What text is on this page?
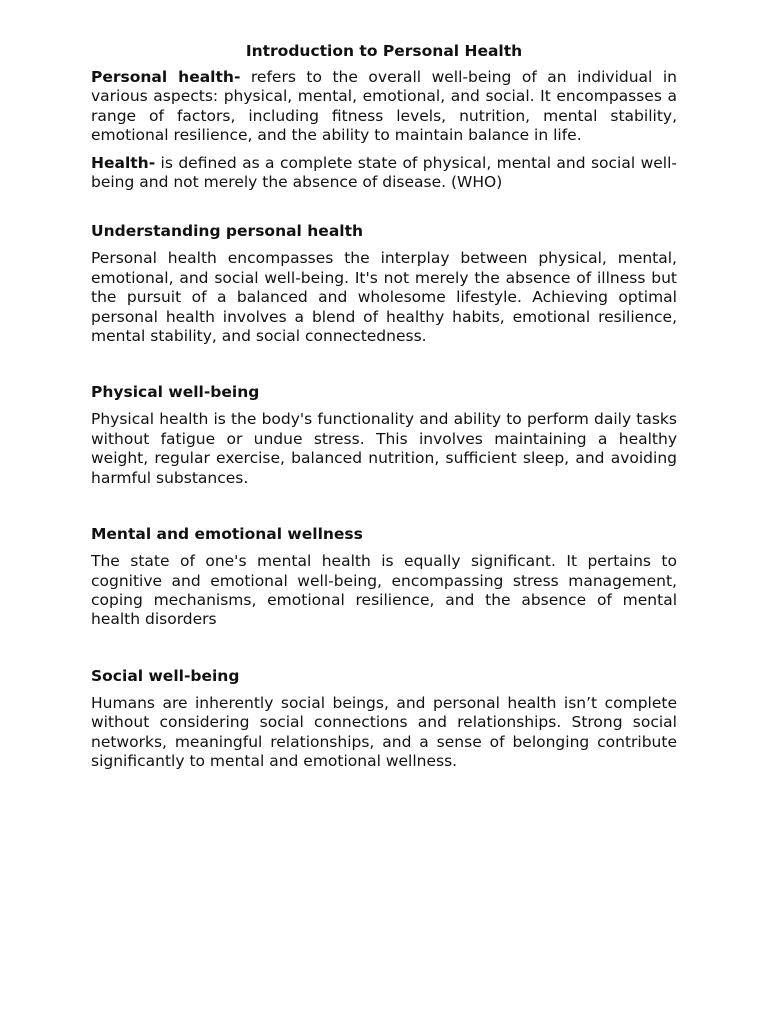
Introduction to Personal Health

Personal health- refers to the overall well-being of an individual in various aspects: physical, mental, emotional, and social. It encompasses a range of factors, including fitness levels, nutrition, mental stability, emotional resilience, and the ability to maintain balance in life.

Health- is defined as a complete state of physical, mental and social well-being and not merely the absence of disease. (WHO)

Understanding personal health

Personal health encompasses the interplay between physical, mental, emotional, and social well-being. It's not merely the absence of illness but the pursuit of a balanced and wholesome lifestyle. Achieving optimal personal health involves a blend of healthy habits, emotional resilience, mental stability, and social connectedness.

Physical well-being

Physical health is the body's functionality and ability to perform daily tasks without fatigue or undue stress. This involves maintaining a healthy weight, regular exercise, balanced nutrition, sufficient sleep, and avoiding harmful substances.

Mental and emotional wellness

The state of one's mental health is equally significant. It pertains to cognitive and emotional well-being, encompassing stress management, coping mechanisms, emotional resilience, and the absence of mental health disorders

Social well-being

Humans are inherently social beings, and personal health isn’t complete without considering social connections and relationships. Strong social networks, meaningful relationships, and a sense of belonging contribute significantly to mental and emotional wellness.
